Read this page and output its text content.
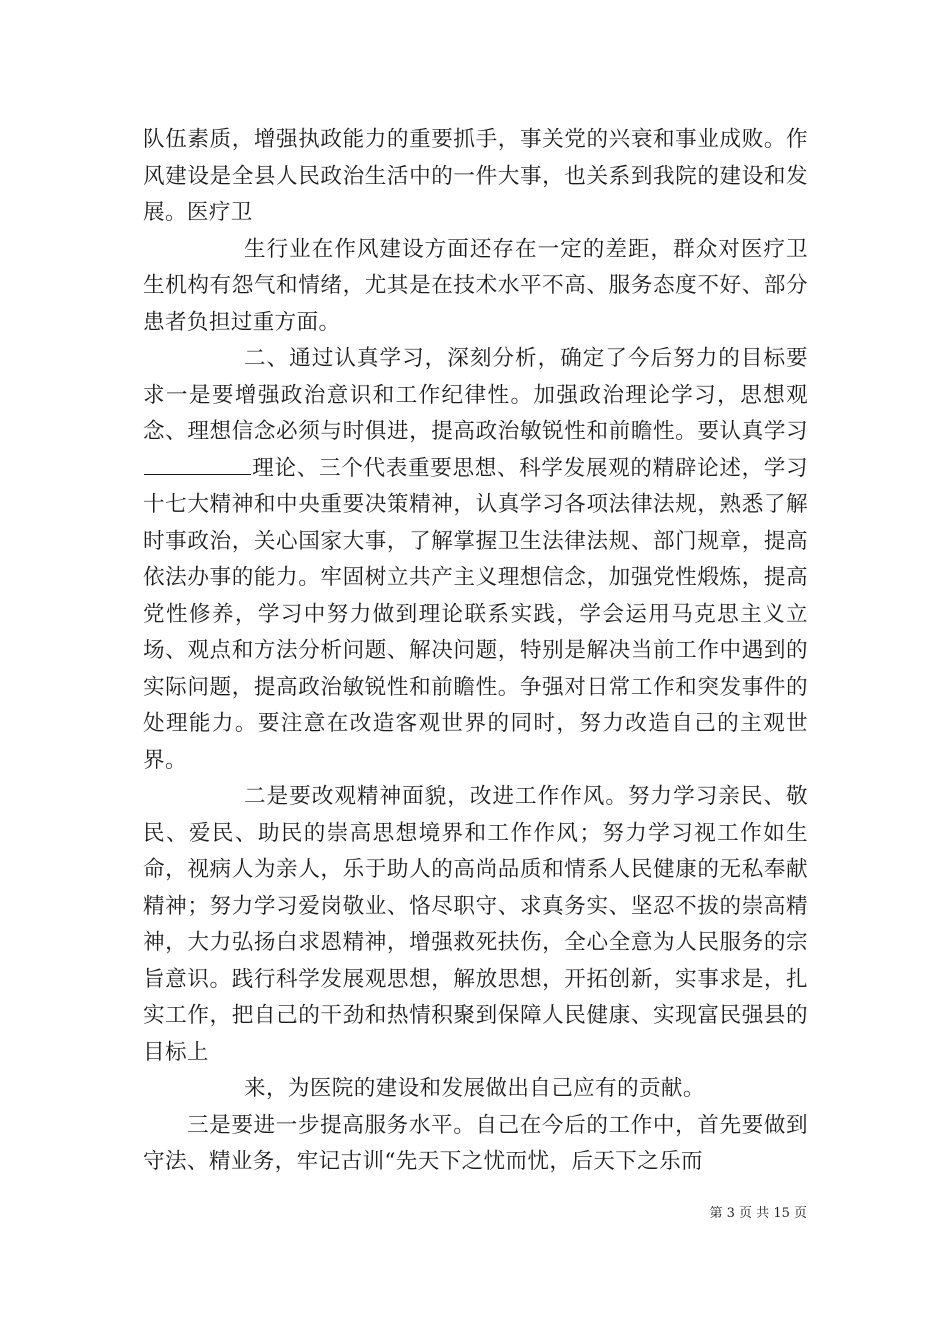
队伍素质，增强执政能力的重要抓手，事关党的兴衰和事业成败。作风建设是全县人民政治生活中的一件大事，也关系到我院的建设和发展。医疗卫

生行业在作风建设方面还存在一定的差距，群众对医疗卫生机构有怨气和情绪，尤其是在技术水平不高、服务态度不好、部分患者负担过重方面。

二、通过认真学习，深刻分析，确定了今后努力的目标要求一是要增强政治意识和工作纪律性。加强政治理论学习，思想观念、理想信念必须与时俱进，提高政治敏锐性和前瞻性。要认真学习理论、三个代表重要思想、科学发展观的精辟论述，学习十七大精神和中央重要决策精神，认真学习各项法律法规，熟悉了解时事政治，关心国家大事，了解掌握卫生法律法规、部门规章，提高依法办事的能力。牢固树立共产主义理想信念，加强党性煅炼，提高党性修养，学习中努力做到理论联系实践，学会运用马克思主义立场、观点和方法分析问题、解决问题，特别是解决当前工作中遇到的实际问题，提高政治敏锐性和前瞻性。争强对日常工作和突发事件的处理能力。要注意在改造客观世界的同时，努力改造自己的主观世界。

二是要改观精神面貌，改进工作作风。努力学习亲民、敬民、爱民、助民的崇高思想境界和工作作风；努力学习视工作如生命，视病人为亲人，乐于助人的高尚品质和情系人民健康的无私奉献精神；努力学习爱岗敬业、恪尽职守、求真务实、坚忍不拔的崇高精神，大力弘扬白求恩精神，增强救死扶伤，全心全意为人民服务的宗旨意识。践行科学发展观思想，解放思想，开拓创新，实事求是，扎实工作，把自己的干劲和热情积聚到保障人民健康、实现富民强县的目标上

来，为医院的建设和发展做出自己应有的贡献。

三是要进一步提高服务水平。自己在今后的工作中，首先要做到守法、精业务，牢记古训“先天下之忧而忧，后天下之乐而

第 3 页 共 15 页
